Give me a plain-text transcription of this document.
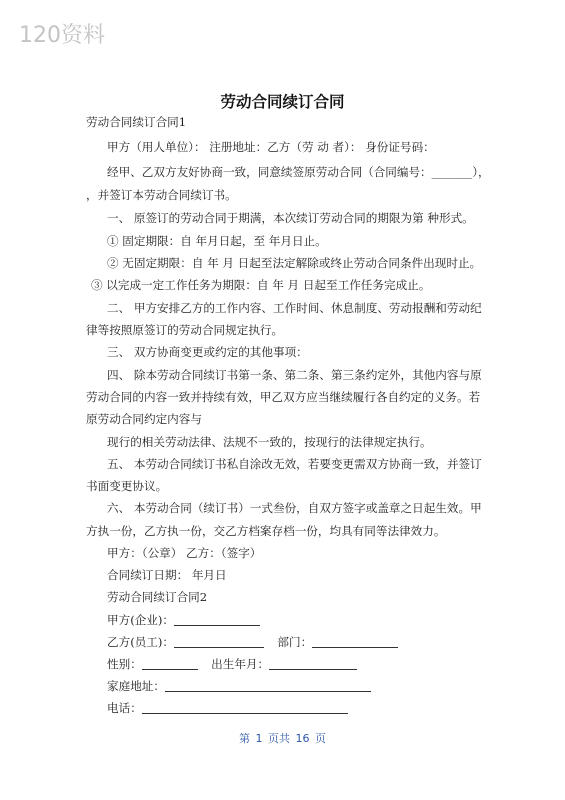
120资料
劳动合同续订合同
劳动合同续订合同1
甲方（用人单位）： 注册地址：乙方（劳 动 者）： 身份证号码：
经甲、乙双方友好协商一致，同意续签原劳动合同（合同编号：_______），
，并签订本劳动合同续订书。
一、 原签订的劳动合同于期满，本次续订劳动合同的期限为第 种形式。
① 固定期限：自 年月日起，至 年月日止。
② 无固定期限：自 年 月 日起至法定解除或终止劳动合同条件出现时止。
③ 以完成一定工作任务为期限：自 年 月 日起至工作任务完成止。
二、 甲方安排乙方的工作内容、工作时间、休息制度、劳动报酬和劳动纪
律等按照原签订的劳动合同规定执行。
三、 双方协商变更或约定的其他事项：
四、 除本劳动合同续订书第一条、第二条、第三条约定外，其他内容与原
劳动合同的内容一致并持续有效，甲乙双方应当继续履行各自约定的义务。若
原劳动合同约定内容与
现行的相关劳动法律、法规不一致的，按现行的法律规定执行。
五、 本劳动合同续订书私自涂改无效，若要变更需双方协商一致，并签订
书面变更协议。
六、 本劳动合同（续订书）一式叁份，自双方签字或盖章之日起生效。甲
方执一份，乙方执一份，交乙方档案存档一份，均具有同等法律效力。
甲方：（公章） 乙方：（签字）
合同续订日期： 年月日
劳动合同续订合同2
甲方(企业)：
乙方(员工)：	部门：
性别：	出生年月：
家庭地址：
电话：
第 1 页共 16 页
